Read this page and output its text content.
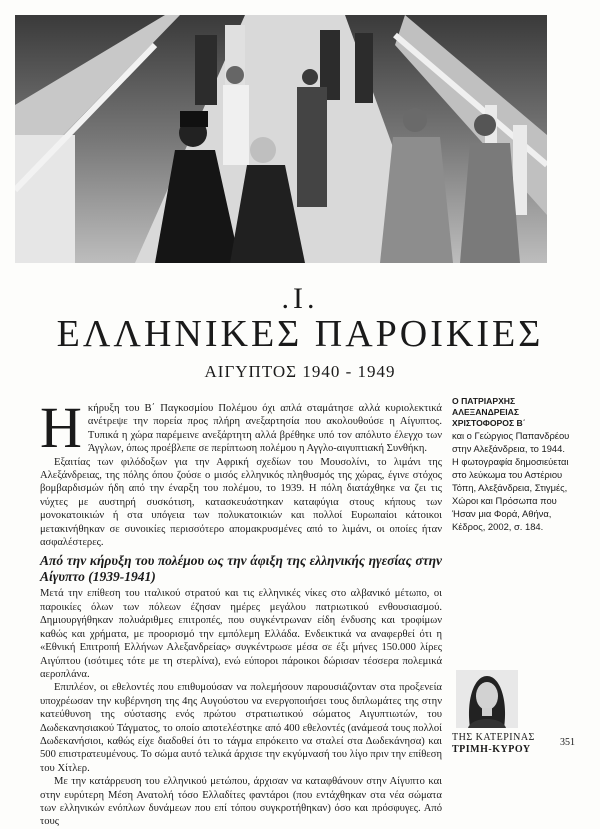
.I.
ΕΛΛΗΝΙΚΕΣ ΠΑΡΟΙΚΙΕΣ
ΑΙΓΥΠΤΟΣ 1940 - 1949

Ηκήρυξη του Β΄ Παγκοσμίου Πολέμου όχι απλά σταμάτησε αλλά κυριολεκτικά ανέτρεψε την πορεία προς πλήρη ανεξαρτησία που ακολουθούσε η Αίγυπτος. Τυπικά η χώρα παρέμεινε ανεξάρτητη αλλά βρέθηκε υπό τον απόλυτο έλεγχο των Άγγλων, όπως προέβλεπε σε περίπτωση πολέμου η Αγγλο-αιγυπτιακή Συνθήκη.

Εξαιτίας των φιλόδοξων για την Αφρική σχεδίων του Μουσολίνι, το λιμάνι της Αλεξάνδρειας, της πόλης όπου ζούσε ο μισός ελληνικός πληθυσμός της χώρας, έγινε στόχος βομβαρδισμών ήδη από την έναρξη του πολέμου, το 1939. Η πόλη διατάχθηκε να ζει τις νύχτες με αυστηρή συσκότιση, κατασκευάστηκαν καταφύγια στους κήπους των μονοκατοικιών ή στα υπόγεια των πολυκατοικιών και πολλοί Ευρωπαίοι κάτοικοι μετακινήθηκαν σε συνοικίες περισσότερο απομακρυσμένες από το λιμάνι, οι οποίες ήταν ασφαλέστερες.

Από την κήρυξη του πολέμου ως την άφιξη της ελληνικής ηγεσίας στην Αίγυπτο (1939-1941)

Μετά την επίθεση του ιταλικού στρατού και τις ελληνικές νίκες στο αλβανικό μέτωπο, οι παροικίες όλων των πόλεων έζησαν ημέρες μεγάλου πατριωτικού ενθουσιασμού. Δημιουργήθηκαν πολυάριθμες επιτροπές, που συγκέντρωναν είδη ένδυσης και τροφίμων καθώς και χρήματα, με προορισμό την εμπόλεμη Ελλάδα. Ενδεικτικά να αναφερθεί ότι η «Εθνική Επιτροπή Ελλήνων Αλεξανδρείας» συγκέντρωσε μέσα σε έξι μήνες 150.000 λίρες Αιγύπτου (ισότιμες τότε με τη στερλίνα), ενώ εύποροι πάροικοι δώρισαν τέσσερα πολεμικά αεροπλάνα.

Επιπλέον, οι εθελοντές που επιθυμούσαν να πολεμήσουν παρουσιάζονταν στα προξενεία υποχρέωσαν την κυβέρνηση της 4ης Αυγούστου να ενεργοποιήσει τους διπλωμάτες της στην κατεύθυνση της σύστασης ενός πρώτου στρατιωτικού σώματος Αιγυπτιωτών, του Δωδεκανησιακού Τάγματος, το οποίο αποτελέστηκε από 400 εθελοντές (ανάμεσά τους πολλοί Δωδεκανήσιοι, καθώς είχε διαδοθεί ότι το τάγμα επρόκειτο να σταλεί στα Δωδεκάνησα) και 500 επιστρατευμένους. Το σώμα αυτό τελικά άρχισε την εκγύμνασή του λίγο πριν την επίθεση του Χίτλερ.

Με την κατάρρευση του ελληνικού μετώπου, άρχισαν να καταφθάνουν στην Αίγυπτο και στην ευρύτερη Μέση Ανατολή τόσο Ελλαδίτες φαντάροι (που εντάχθηκαν στα νέα σώματα των ελληνικών ενόπλων δυνάμεων που επί τόπου συγκροτήθηκαν) όσο και πρόσφυγες. Από τους

Ο ΠΑΤΡΙΑΡΧΗΣ ΑΛΕΞΑΝΔΡΕΙΑΣ ΧΡΙΣΤΟΦΟΡΟΣ Β΄
και ο Γεώργιος Παπανδρέου στην Αλεξάνδρεια, το 1944. Η φωτογραφία δημοσιεύεται στο λεύκωμα του Αστέριου Τόπη, Αλεξάνδρεια, Στιγμές, Χώροι και Πρόσωπα που Ήσαν μια Φορά, Αθήνα, Κέδρος, 2002, σ. 184.
ΤΗΣ ΚΑΤΕΡΙΝΑΣ
ΤΡΙΜΗ-ΚΥΡΟΥ
351
